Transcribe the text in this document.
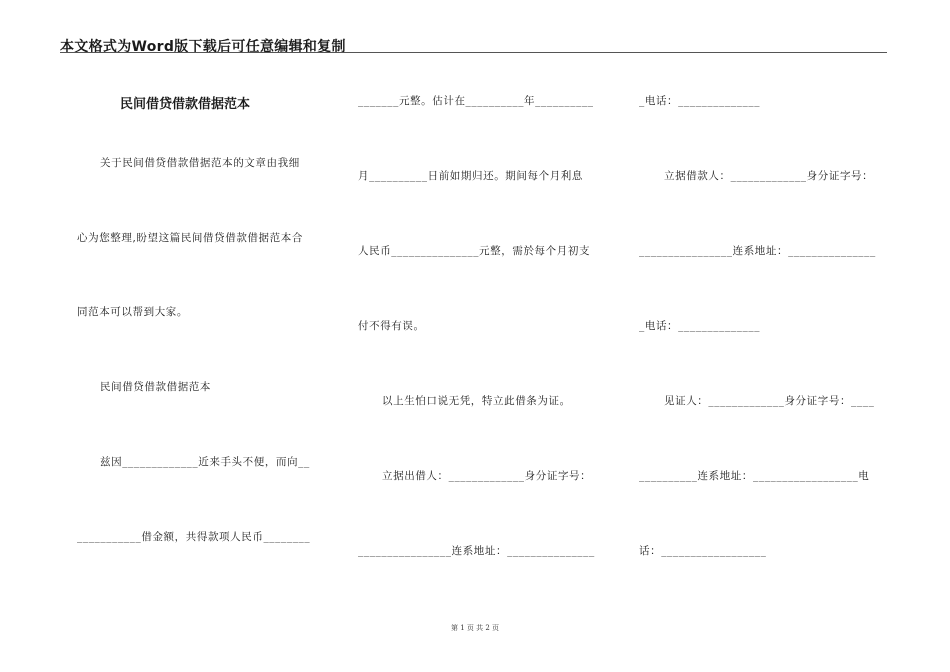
本文格式为Word版下载后可任意编辑和复制
民间借贷借款借据范本
关于民间借贷借款借据范本的文章由我细
心为您整理,盼望这篇民间借贷借款借据范本合
同范本可以帮到大家。
民间借贷借款借据范本
兹因_____________近来手头不便，而向__
___________借金额，共得款项人民币________
_______元整。估计在__________年__________
月__________日前如期归还。期间每个月利息
人民币_______________元整，需於每个月初支
付不得有误。
以上生怕口说无凭，特立此借条为证。
立据出借人：_____________身分证字号：
________________连系地址：_______________
_电话：______________
立据借款人：_____________身分证字号：
________________连系地址：_______________
_电话：______________
见证人：_____________身分证字号：____
__________连系地址：__________________电
话：__________________
第 1 页 共 2 页
